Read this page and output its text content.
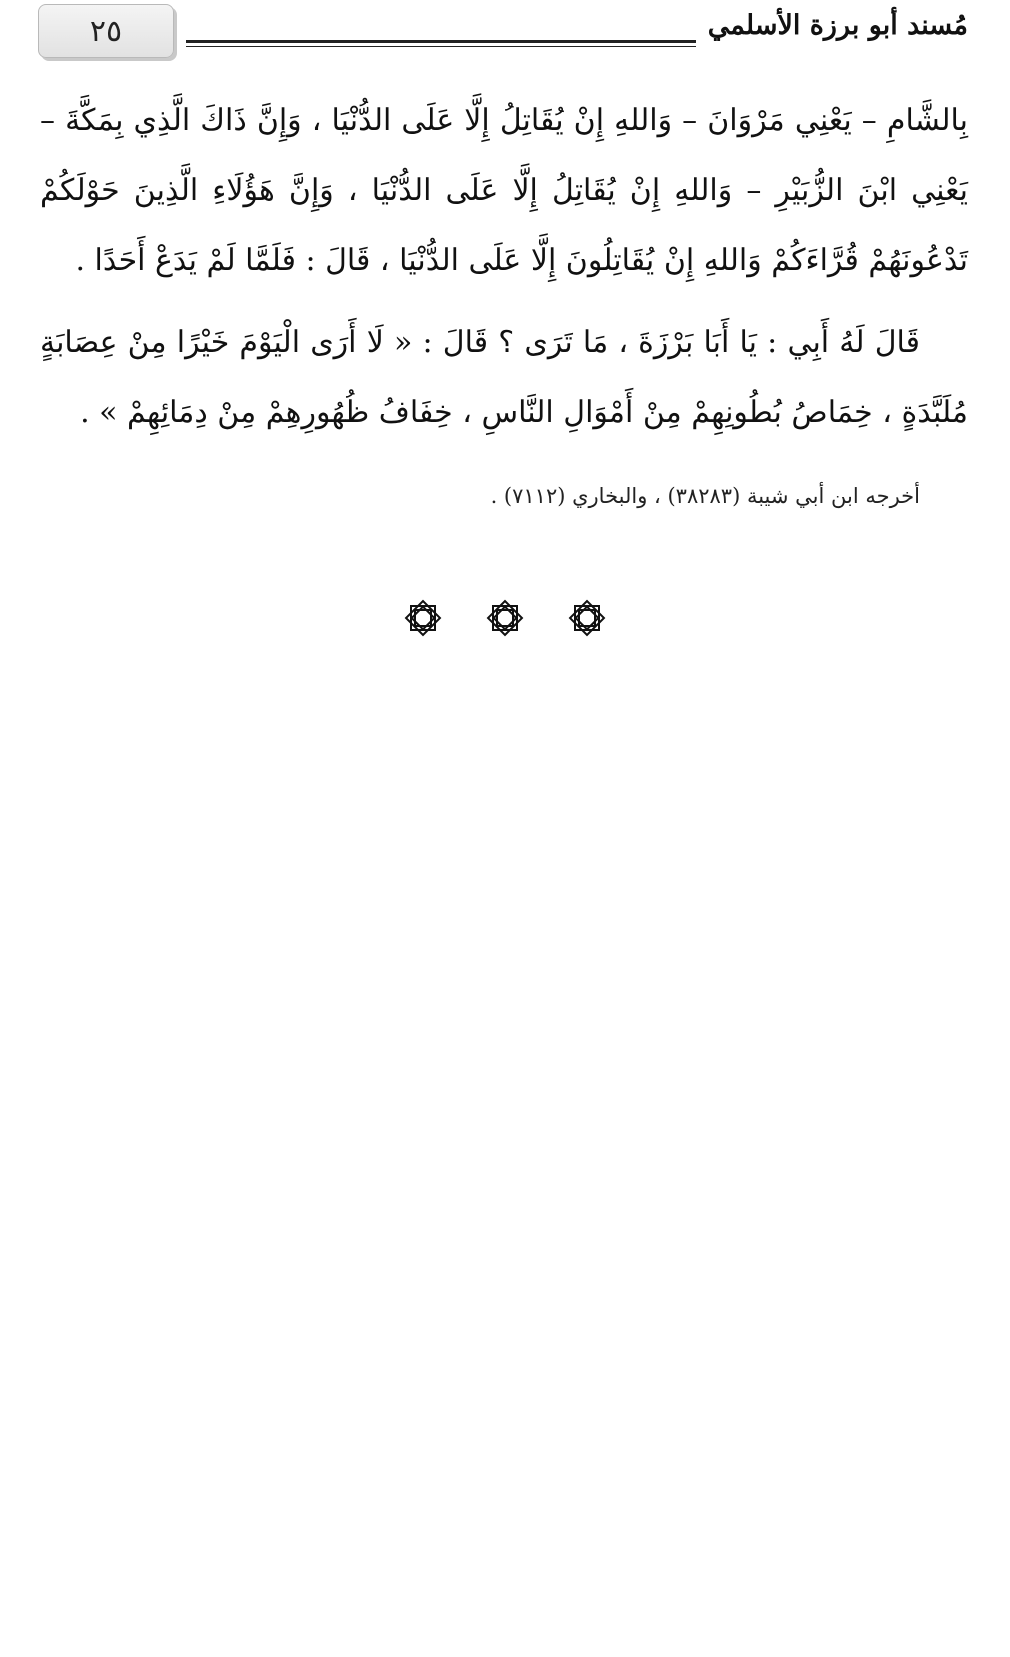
٢٥	مُسند أبو برزة الأسلمي

بِالشَّامِ – يَعْنِي مَرْوَانَ – وَاللهِ إِنْ يُقَاتِلُ إِلَّا عَلَى الدُّنْيَا ، وَإِنَّ ذَاكَ الَّذِي بِمَكَّةَ – يَعْنِي ابْنَ الزُّبَيْرِ – وَاللهِ إِنْ يُقَاتِلُ إِلَّا عَلَى الدُّنْيَا ، وَإِنَّ هَؤُلَاءِ الَّذِينَ حَوْلَكُمْ تَدْعُونَهُمْ قُرَّاءَكُمْ وَاللهِ إِنْ يُقَاتِلُونَ إِلَّا عَلَى الدُّنْيَا ، قَالَ : فَلَمَّا لَمْ يَدَعْ أَحَدًا .

قَالَ لَهُ أَبِي : يَا أَبَا بَرْزَةَ ، مَا تَرَى ؟ قَالَ : « لَا أَرَى الْيَوْمَ خَيْرًا مِنْ عِصَابَةٍ مُلَبَّدَةٍ ، خِمَاصُ بُطُونِهِمْ مِنْ أَمْوَالِ النَّاسِ ، خِفَافُ ظُهُورِهِمْ مِنْ دِمَائِهِمْ » .

أخرجه ابن أبي شيبة (٣٨٢٨٣) ، والبخاري (٧١١٢) .
